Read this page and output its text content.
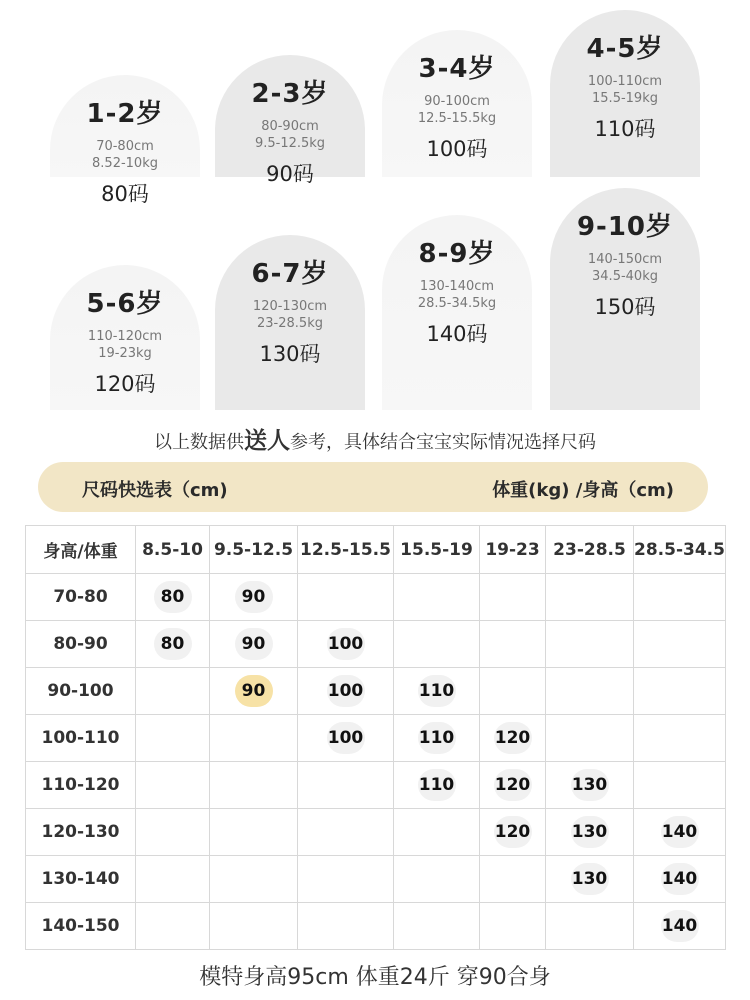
1-2岁
70-80cm
8.52-10kg
80码
2-3岁
80-90cm
9.5-12.5kg
90码
3-4岁
90-100cm
12.5-15.5kg
100码
4-5岁
100-110cm
15.5-19kg
110码
5-6岁
110-120cm
19-23kg
120码
6-7岁
120-130cm
23-28.5kg
130码
8-9岁
130-140cm
28.5-34.5kg
140码
9-10岁
140-150cm
34.5-40kg
150码
以上数据供送人参考，具体结合宝宝实际情况选择尺码
尺码快选表（cm)	体重(kg) /身高（cm)
身高/体重	8.5-10	9.5-12.5	12.5-15.5	15.5-19	19-23	23-28.5	28.5-34.5
70-80	80	90					
80-90	80	90	100				
90-100		90	100	110			
100-110			100	110	120		
110-120				110	120	130	
120-130					120	130	140
130-140						130	140
140-150							140
模特身高95cm 体重24斤 穿90合身
